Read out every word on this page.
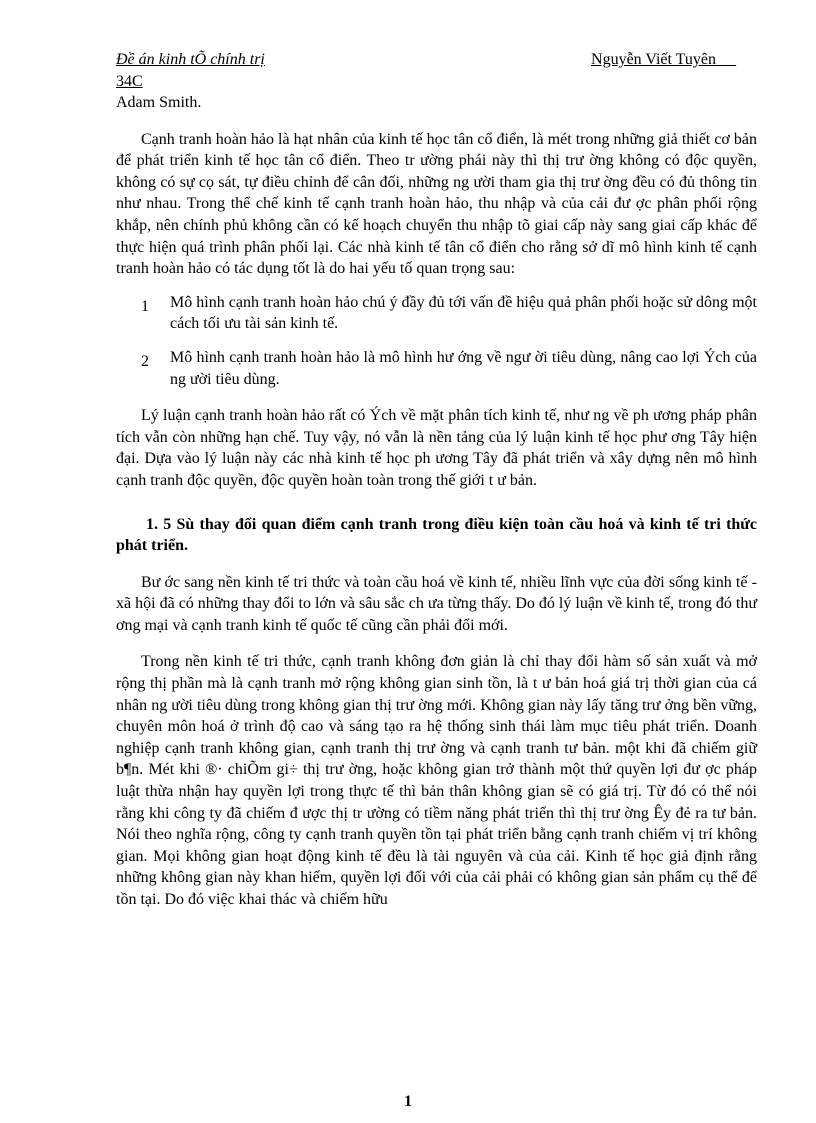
Đề án kinh tÕ chính trị	Nguyễn Viết Tuyên __
34C

Adam Smith.

Cạnh tranh hoàn hảo là hạt nhân của kinh tế học tân cổ điển, là mét trong những giả thiết cơ bản để phát triển kinh tế học tân cổ điển. Theo tr ường phái này thì thị trư ờng không có độc quyền, không có sự cọ sát, tự điều chỉnh để cân đối, những ng ười tham gia thị trư ờng đều có đủ thông tin như nhau. Trong thể chế kinh tế cạnh tranh hoàn hảo, thu nhập và của cải đư ợc phân phối rộng khắp, nên chính phủ không cần có kế hoạch chuyển thu nhập tõ giai cấp này sang giai cấp khác để thực hiện quá trình phân phối lại. Các nhà kinh tế tân cổ điển cho rằng sở dĩ mô hình kinh tế cạnh tranh hoàn hảo có tác dụng tốt là do hai yếu tố quan trọng sau:

1	Mô hình cạnh tranh hoàn hảo chú ý đầy đủ tới vấn đề hiệu quả phân phối hoặc sử dông một cách tối ưu tài sản kinh tế.
2	Mô hình cạnh tranh hoàn hảo là mô hình hư ớng về ngư ời tiêu dùng, nâng cao lợi Ých của ng ười tiêu dùng.

Lý luận cạnh tranh hoàn hảo rất có Ých về mặt phân tích kinh tế, như ng về ph ương pháp phân tích vẫn còn những hạn chế. Tuy vậy, nó vẫn là nền tảng của lý luận kinh tế học phư ơng Tây hiện đại. Dựa vào lý luận này các nhà kinh tế học ph ương Tây đã phát triển và xây dựng nên mô hình cạnh tranh độc quyền, độc quyền hoàn toàn trong thế giới t ư bản.

1. 5 Sù thay đổi quan điểm cạnh tranh trong điều kiện toàn cầu hoá và kinh tế tri thức phát triển.

Bư ớc sang nền kinh tế tri thức và toàn cầu hoá về kinh tế, nhiều lĩnh vực của đời sống kinh tế - xã hội đã có những thay đổi to lớn và sâu sắc ch ưa từng thấy. Do đó lý luận về kinh tế, trong đó thư ơng mại và cạnh tranh kinh tế quốc tế cũng cần phải đổi mới.

Trong nền kinh tế tri thức, cạnh tranh không đơn giản là chỉ thay đổi hàm số sản xuất và mở rộng thị phần mà là cạnh tranh mở rộng không gian sinh tồn, là t ư bản hoá giá trị thời gian của cá nhân ng ười tiêu dùng trong không gian thị trư ờng mới. Không gian này lấy tăng trư ởng bền vững, chuyên môn hoá ở trình độ cao và sáng tạo ra hệ thống sinh thái làm mục tiêu phát triển. Doanh nghiệp cạnh tranh không gian, cạnh tranh thị trư ờng và cạnh tranh tư bản. một khi đã chiếm giữ b¶n. Mét khi ®· chiÕm gi÷ thị trư ờng, hoặc không gian trở thành một thứ quyền lợi đư ợc pháp luật thừa nhận hay quyền lợi trong thực tế thì bản thân không gian sẽ có giá trị. Từ đó có thể nói rằng khi công ty đã chiếm đ ược thị tr ường có tiềm năng phát triển thì thị trư ờng Êy đẻ ra tư bản. Nói theo nghĩa rộng, công ty cạnh tranh quyền tồn tại phát triển bằng cạnh tranh chiếm vị trí không gian. Mọi không gian hoạt động kinh tế đều là tài nguyên và của cải. Kinh tế học giả định rằng những không gian này khan hiếm, quyền lợi đối với của cải phải có không gian sản phẩm cụ thể để tồn tại. Do đó việc khai thác và chiếm hữu

1
